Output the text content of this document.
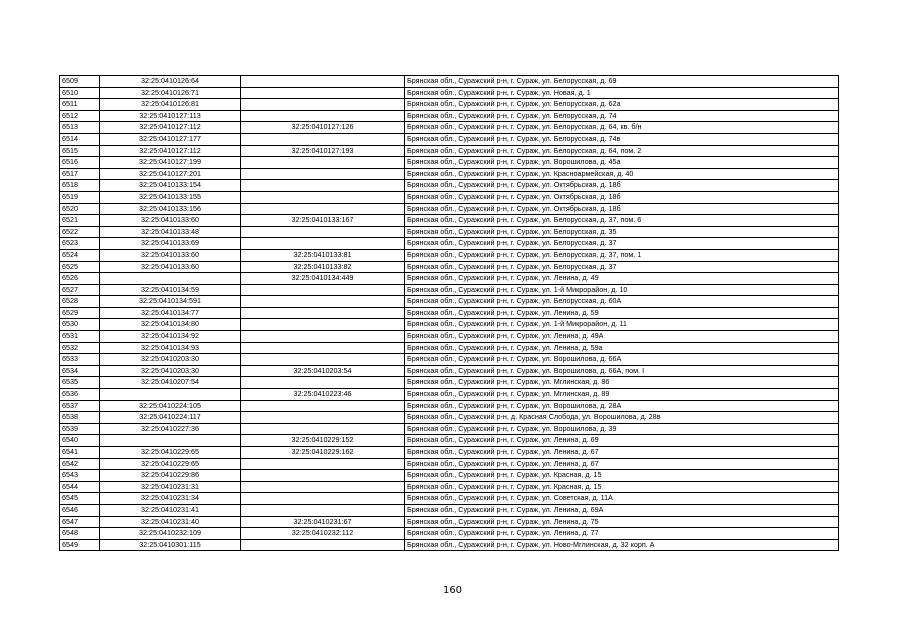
6509	32:25:0410126:64		Брянская обл., Суражский р-н, г. Сураж, ул. Белорусская, д. 69
6510	32:25:0410126:71		Брянская обл., Суражский р-н, г. Сураж, ул. Новая, д. 1
6511	32:25:0410126:81		Брянская обл., Суражский р-н, г. Сураж, ул. Белорусская, д. 62а
6512	32:25:0410127:113		Брянская обл., Суражский р-н, г. Сураж, ул. Белорусская, д. 74
6513	32:25:0410127:112	32:25:0410127:126	Брянская обл., Суражский р-н, г. Сураж, ул. Белорусская, д. 64, кв. б/н
6514	32:25:0410127:177		Брянская обл., Суражский р-н, г. Сураж, ул. Белорусская, д. 74в
6515	32:25:0410127:112	32:25:0410127:193	Брянская обл., Суражский р-н, г. Сураж, ул. Белорусская, д. 64, пом. 2
6516	32:25:0410127:199		Брянская обл., Суражский р-н, г. Сураж, ул. Ворошилова, д. 45а
6517	32:25:0410127:201		Брянская обл., Суражский р-н, г. Сураж, ул. Красноармейская, д. 40
6518	32:25:0410133:154		Брянская обл., Суражский р-н, г. Сураж, ул. Октябрьская, д. 18б
6519	32:25:0410133:155		Брянская обл., Суражский р-н, г. Сураж, ул. Октябрьская, д. 18б
6520	32:25:0410133:156		Брянская обл., Суражский р-н, г. Сураж, ул. Октябрьская, д. 18б
6521	32:25:0410133:60	32:25:0410133:167	Брянская обл., Суражский р-н, г. Сураж, ул. Белорусская, д. 37, пом. 6
6522	32:25:0410133:48		Брянская обл., Суражский р-н, г. Сураж, ул. Белорусская, д. 35
6523	32:25:0410133:69		Брянская обл., Суражский р-н, г. Сураж, ул. Белорусская, д. 37
6524	32:25:0410133:60	32:25:0410133:81	Брянская обл., Суражский р-н, г. Сураж, ул. Белорусская, д. 37, пом. 1
6525	32:25:0410133:60	32:25:0410133:82	Брянская обл., Суражский р-н, г. Сураж, ул. Белорусская, д. 37
6526		32:25:0410134:449	Брянская обл., Суражский р-н, г. Сураж, ул. Ленина, д. 49
6527	32:25:0410134:59		Брянская обл., Суражский р-н, г. Сураж, ул. 1-й Микрорайон, д. 10
6528	32:25:0410134:591		Брянская обл., Суражский р-н, г. Сураж, ул. Белорусская, д. 60А
6529	32:25:0410134:77		Брянская обл., Суражский р-н, г. Сураж, ул. Ленина, д. 59
6530	32:25:0410134:80		Брянская обл., Суражский р-н, г. Сураж, ул. 1-й Микрорайон, д. 11
6531	32:25:0410134:92		Брянская обл., Суражский р-н, г. Сураж, ул. Ленина, д. 49А
6532	32:25:0410134:93		Брянская обл., Суражский р-н, г. Сураж, ул. Ленина, д. 59а
6533	32:25:0410203:30		Брянская обл., Суражский р-н, г. Сураж, ул. Ворошилова, д. 66А
6534	32:25:0410203:30	32:25:0410203:54	Брянская обл., Суражский р-н, г. Сураж, ул. Ворошилова, д. 66А, пом. I
6535	32:25:0410207:54		Брянская обл., Суражский р-н, г. Сураж, ул. Мглинская, д. 86
6536		32:25:0410223:46	Брянская обл., Суражский р-н, г. Сураж, ул. Мглинская, д. 89
6537	32:25:0410224:105		Брянская обл., Суражский р-н, г. Сураж, ул. Ворошилова, д. 28А
6538	32:25:0410224:117		Брянская обл., Суражский р-н, д. Красная Слобода, ул. Ворошилова, д. 28в
6539	32:25:0410227:36		Брянская обл., Суражский р-н, г. Сураж, ул. Ворошилова, д. 39
6540		32:25:0410229:152	Брянская обл., Суражский р-н, г. Сураж, ул. Ленина, д. 69
6541	32:25:0410229:65	32:25:0410229:162	Брянская обл., Суражский р-н, г. Сураж, ул. Ленина, д. 67
6542	32:25:0410229:65		Брянская обл., Суражский р-н, г. Сураж, ул. Ленина, д. 67
6543	32:25:0410229:86		Брянская обл., Суражский р-н, г. Сураж, ул. Красная, д. 15
6544	32:25:0410231:31		Брянская обл., Суражский р-н, г. Сураж, ул. Красная, д. 15
6545	32:25:0410231:34		Брянская обл., Суражский р-н, г. Сураж, ул. Советская, д. 11А
6546	32:25:0410231:41		Брянская обл., Суражский р-н, г. Сураж, ул. Ленина, д. 69А
6547	32:25:0410231:40	32:25:0410231:67	Брянская обл., Суражский р-н, г. Сураж, ул. Ленина, д. 75
6548	32:25:0410232:109	32:25:0410232:112	Брянская обл., Суражский р-н, г. Сураж, ул. Ленина, д. 77
6549	32:25:0410301:115		Брянская обл., Суражский р-н, г. Сураж, ул. Ново-Мглинская, д. 32 корп. А
160
